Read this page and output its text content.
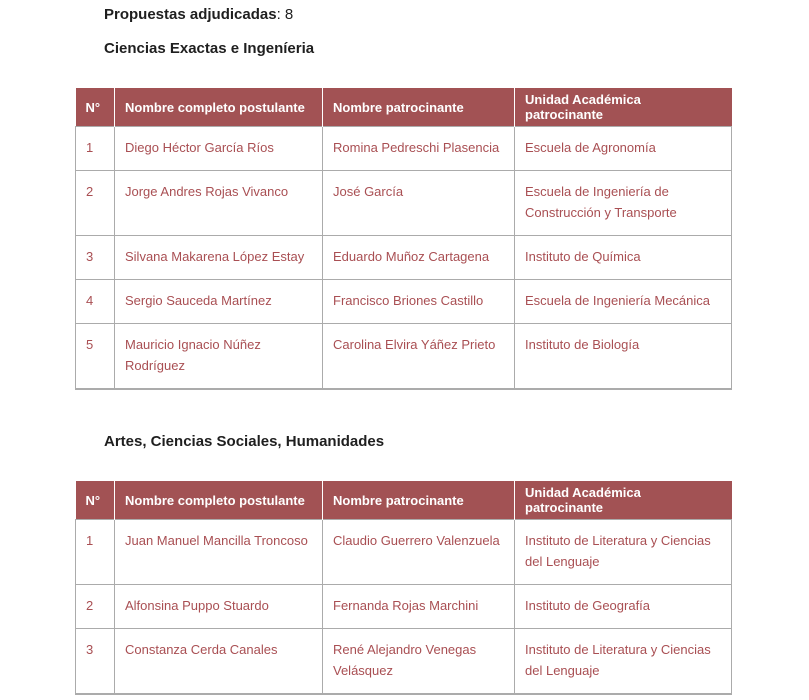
Propuestas adjudicadas: 8
Ciencias Exactas e Ingeníeria
N°	Nombre completo postulante	Nombre patrocinante	Unidad Académica patrocinante
1	Diego Héctor García Ríos	Romina Pedreschi Plasencia	Escuela de Agronomía
2	Jorge Andres Rojas Vivanco	José García	Escuela de Ingeniería de Construcción y Transporte
3	Silvana Makarena López Estay	Eduardo Muñoz Cartagena	Instituto de Química
4	Sergio Sauceda Martínez	Francisco Briones Castillo	Escuela de Ingeniería Mecánica
5	Mauricio Ignacio Núñez Rodríguez	Carolina Elvira Yáñez Prieto	Instituto de Biología
Artes, Ciencias Sociales, Humanidades
N°	Nombre completo postulante	Nombre patrocinante	Unidad Académica patrocinante
1	Juan Manuel Mancilla Troncoso	Claudio Guerrero Valenzuela	Instituto de Literatura y Ciencias del Lenguaje
2	Alfonsina Puppo Stuardo	Fernanda Rojas Marchini	Instituto de Geografía
3	Constanza Cerda Canales	René Alejandro Venegas Velásquez	Instituto de Literatura y Ciencias del Lenguaje
